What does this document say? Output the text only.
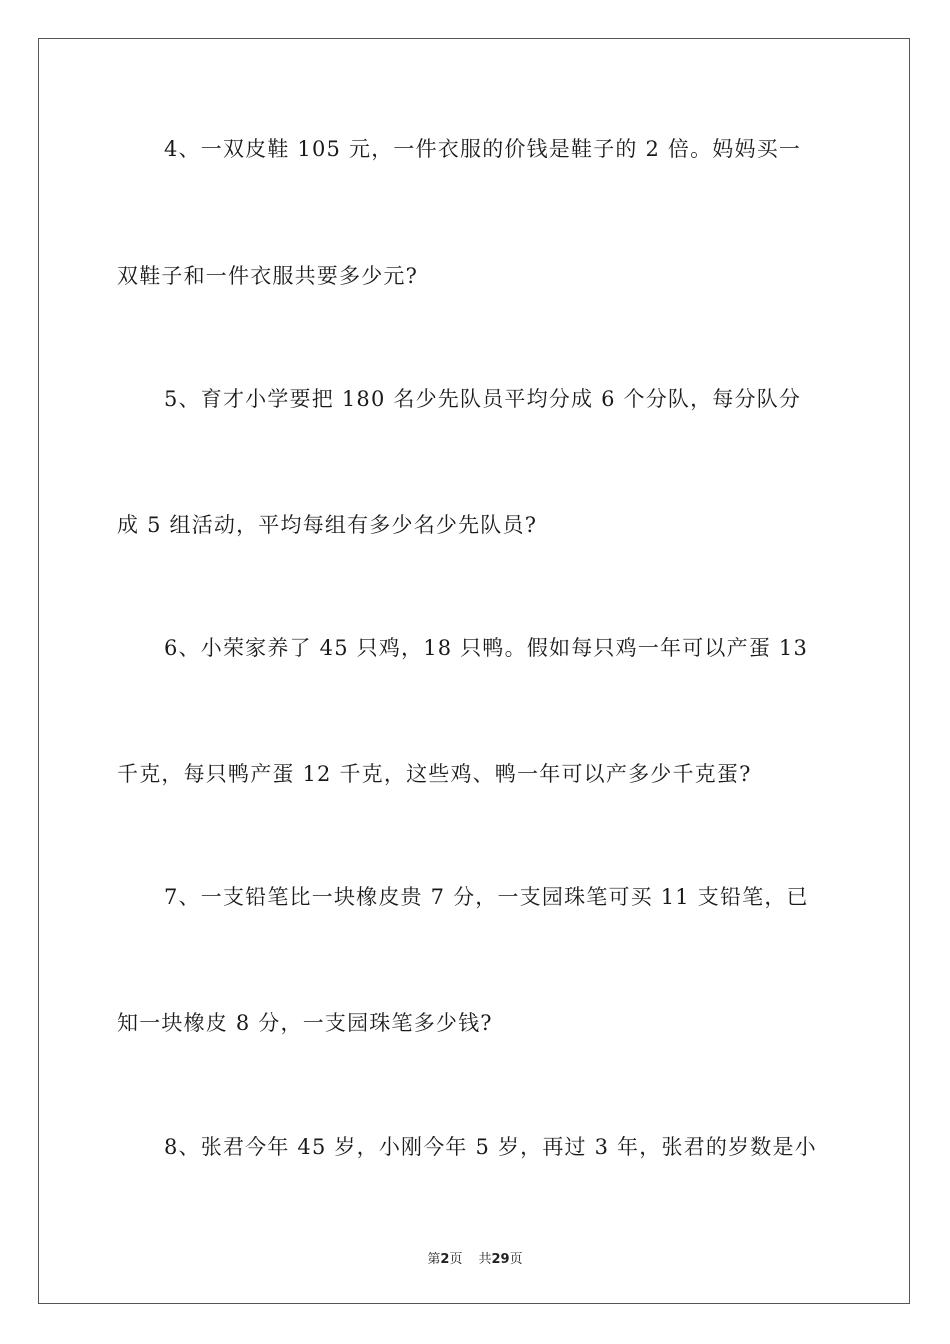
4、一双皮鞋 105 元，一件衣服的价钱是鞋子的 2 倍。妈妈买一
双鞋子和一件衣服共要多少元?
5、育才小学要把 180 名少先队员平均分成 6 个分队，每分队分
成 5 组活动，平均每组有多少名少先队员?
6、小荣家养了 45 只鸡，18 只鸭。假如每只鸡一年可以产蛋 13
千克，每只鸭产蛋 12 千克，这些鸡、鸭一年可以产多少千克蛋?
7、一支铅笔比一块橡皮贵 7 分，一支园珠笔可买 11 支铅笔，已
知一块橡皮 8 分，一支园珠笔多少钱?
8、张君今年 45 岁，小刚今年 5 岁，再过 3 年，张君的岁数是小
第2页 共29页
